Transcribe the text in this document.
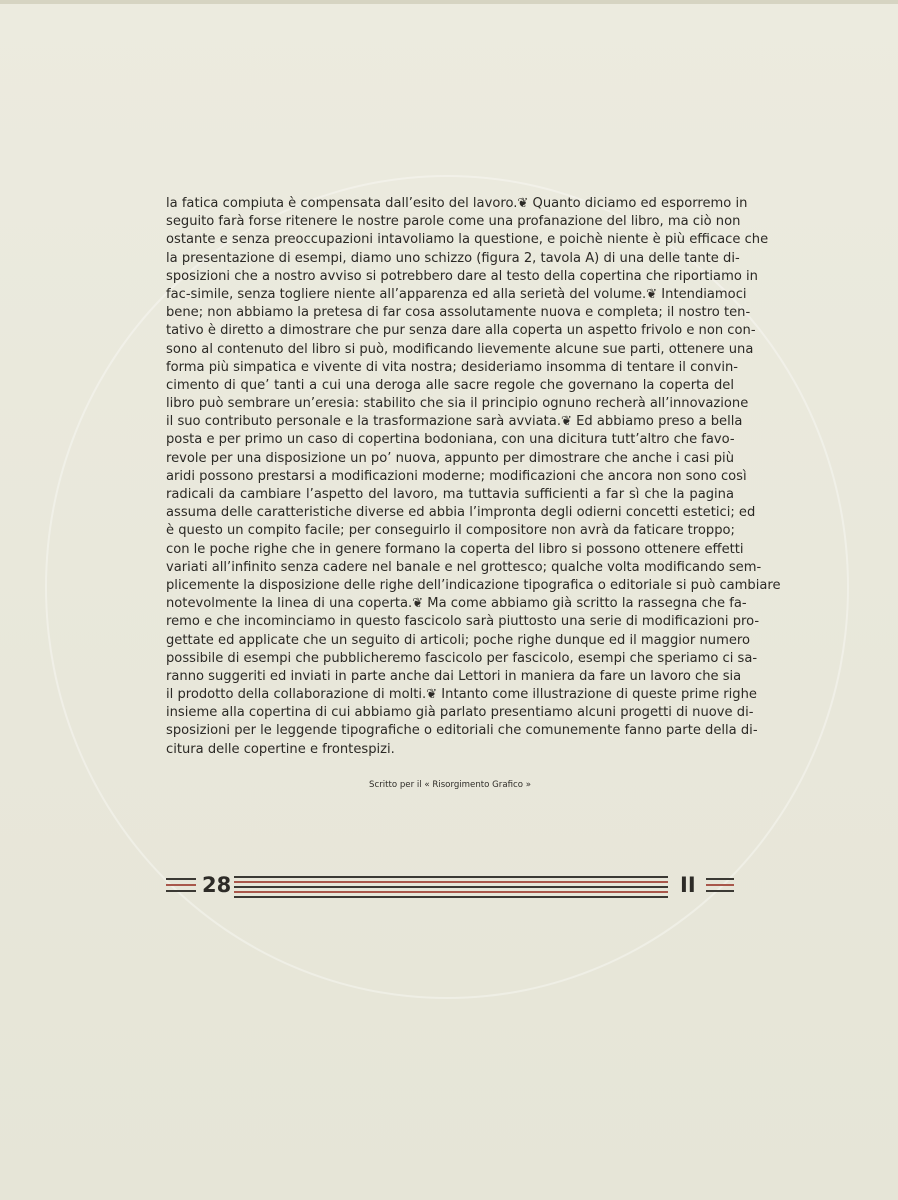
la fatica compiuta è compensata dall’esito del lavoro.❦ Quanto diciamo ed esporremo in
seguito farà forse ritenere le nostre parole come una profanazione del libro, ma ciò non
ostante e senza preoccupazioni intavoliamo la questione, e poichè niente è più efficace che
la presentazione di esempi, diamo uno schizzo (figura 2, tavola A) di una delle tante di-
sposizioni che a nostro avviso si potrebbero dare al testo della copertina che riportiamo in
fac-simile, senza togliere niente all’apparenza ed alla serietà del volume.❦ Intendiamoci
bene; non abbiamo la pretesa di far cosa assolutamente nuova e completa; il nostro ten-
tativo è diretto a dimostrare che pur senza dare alla coperta un aspetto frivolo e non con-
sono al contenuto del libro si può, modificando lievemente alcune sue parti, ottenere una
forma più simpatica e vivente di vita nostra; desideriamo insomma di tentare il convin-
cimento di que’ tanti a cui una deroga alle sacre regole che governano la coperta del
libro può sembrare un’eresia: stabilito che sia il principio ognuno recherà all’innovazione
il suo contributo personale e la trasformazione sarà avviata.❦ Ed abbiamo preso a bella
posta e per primo un caso di copertina bodoniana, con una dicitura tutt’altro che favo-
revole per una disposizione un po’ nuova, appunto per dimostrare che anche i casi più
aridi possono prestarsi a modificazioni moderne; modificazioni che ancora non sono così
radicali da cambiare l’aspetto del lavoro, ma tuttavia sufficienti a far sì che la pagina
assuma delle caratteristiche diverse ed abbia l’impronta degli odierni concetti estetici; ed
è questo un compito facile; per conseguirlo il compositore non avrà da faticare troppo;
con le poche righe che in genere formano la coperta del libro si possono ottenere effetti
variati all’infinito senza cadere nel banale e nel grottesco; qualche volta modificando sem-
plicemente la disposizione delle righe dell’indicazione tipografica o editoriale si può cambiare
notevolmente la linea di una coperta.❦ Ma come abbiamo già scritto la rassegna che fa-
remo e che incominciamo in questo fascicolo sarà piuttosto una serie di modificazioni pro-
gettate ed applicate che un seguito di articoli; poche righe dunque ed il maggior numero
possibile di esempi che pubblicheremo fascicolo per fascicolo, esempi che speriamo ci sa-
ranno suggeriti ed inviati in parte anche dai Lettori in maniera da fare un lavoro che sia
il prodotto della collaborazione di molti.❦ Intanto come illustrazione di queste prime righe
insieme alla copertina di cui abbiamo già parlato presentiamo alcuni progetti di nuove di-
sposizioni per le leggende tipografiche o editoriali che comunemente fanno parte della di-
citura delle copertine e frontespizi.
Scritto per il « Risorgimento Grafico »
28	II
